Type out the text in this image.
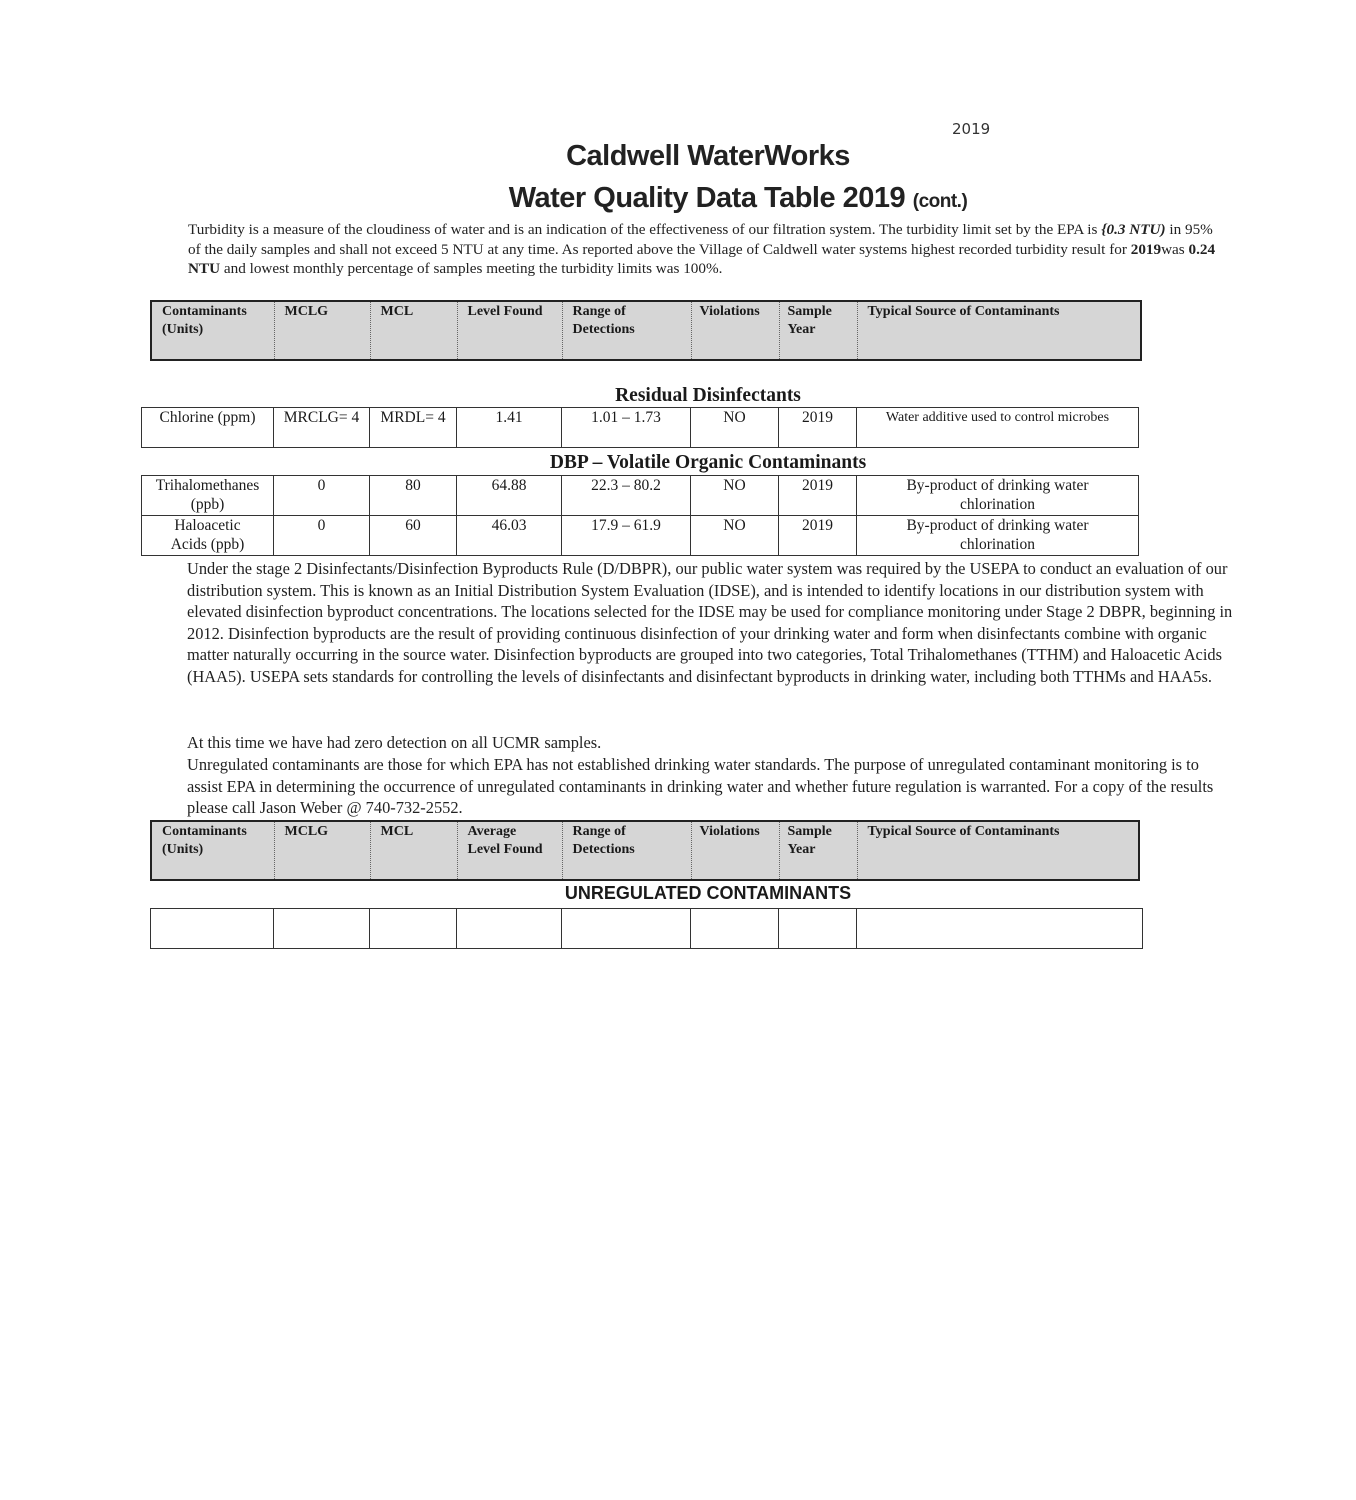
2019
Caldwell WaterWorks
Water Quality Data Table 2019 (cont.)
Turbidity is a measure of the cloudiness of water and is an indication of the effectiveness of our filtration system. The turbidity limit set by the EPA is {0.3 NTU) in 95% of the daily samples and shall not exceed 5 NTU at any time. As reported above the Village of Caldwell water systems highest recorded turbidity result for 2019was 0.24 NTU and lowest monthly percentage of samples meeting the turbidity limits was 100%.
Contaminants (Units)	MCLG	MCL	Level Found	Range of Detections	Violations	Sample Year	Typical Source of Contaminants
Residual Disinfectants
Chlorine (ppm)	MRCLG= 4	MRDL= 4	1.41	1.01 – 1.73	NO	2019	Water additive used to control microbes
DBP – Volatile Organic Contaminants
Trihalomethanes (ppb)	0	80	64.88	22.3 – 80.2	NO	2019	By-product of drinking water chlorination
Haloacetic Acids (ppb)	0	60	46.03	17.9 – 61.9	NO	2019	By-product of drinking water chlorination
Under the stage 2 Disinfectants/Disinfection Byproducts Rule (D/DBPR), our public water system was required by the USEPA to conduct an evaluation of our distribution system. This is known as an Initial Distribution System Evaluation (IDSE), and is intended to identify locations in our distribution system with elevated disinfection byproduct concentrations. The locations selected for the IDSE may be used for compliance monitoring under Stage 2 DBPR, beginning in 2012. Disinfection byproducts are the result of providing continuous disinfection of your drinking water and form when disinfectants combine with organic matter naturally occurring in the source water. Disinfection byproducts are grouped into two categories, Total Trihalomethanes (TTHM) and Haloacetic Acids (HAA5). USEPA sets standards for controlling the levels of disinfectants and disinfectant byproducts in drinking water, including both TTHMs and HAA5s.
At this time we have had zero detection on all UCMR samples.
Unregulated contaminants are those for which EPA has not established drinking water standards. The purpose of unregulated contaminant monitoring is to assist EPA in determining the occurrence of unregulated contaminants in drinking water and whether future regulation is warranted. For a copy of the results please call Jason Weber @ 740-732-2552.
Contaminants (Units)	MCLG	MCL	Average Level Found	Range of Detections	Violations	Sample Year	Typical Source of Contaminants
UNREGULATED CONTAMINANTS
